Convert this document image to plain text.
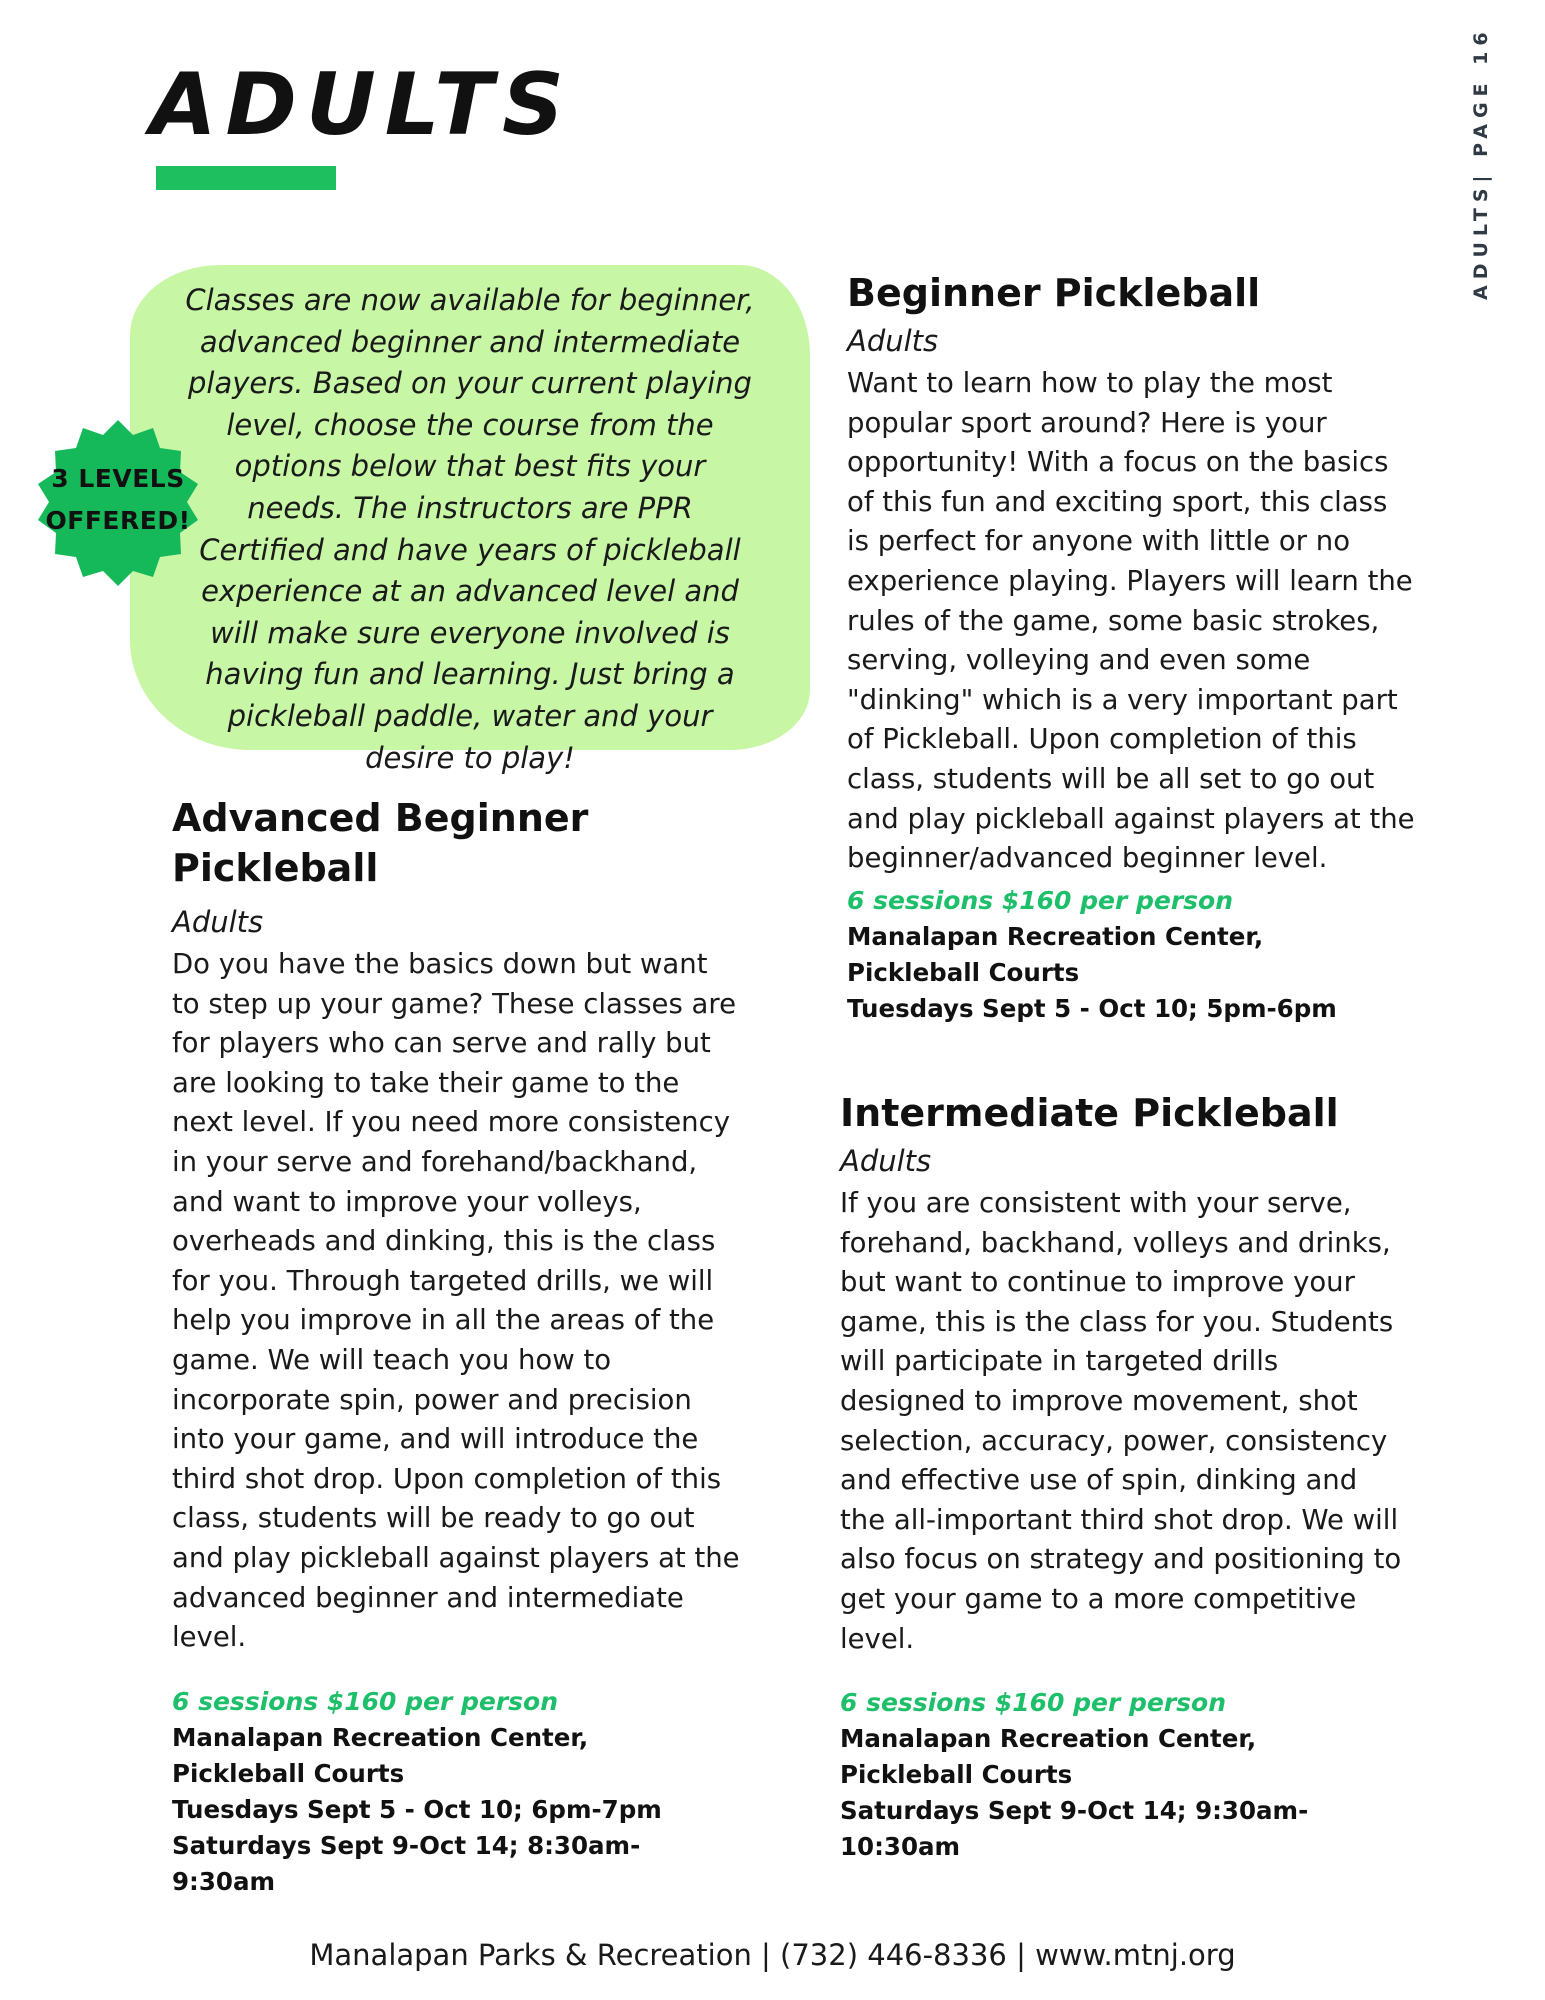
ADULTS	ADULTS| PAGE 16

Classes are now available for beginner, advanced beginner and intermediate players. Based on your current playing level, choose the course from the options below that best fits your needs. The instructors are PPR Certified and have years of pickleball experience at an advanced level and will make sure everyone involved is having fun and learning. Just bring a pickleball paddle, water and your desire to play!

3 LEVELS
OFFERED!
Beginner Pickleball
Adults

Want to learn how to play the most popular sport around? Here is your opportunity! With a focus on the basics of this fun and exciting sport, this class is perfect for anyone with little or no experience playing. Players will learn the rules of the game, some basic strokes, serving, volleying and even some "dinking" which is a very important part of Pickleball. Upon completion of this class, students will be all set to go out and play pickleball against players at the beginner/advanced beginner level.

6 sessions $160 per person

Manalapan Recreation Center,

Pickleball Courts

Tuesdays Sept 5 - Oct 10; 5pm-6pm

Advanced Beginner Pickleball
Adults

Do you have the basics down but want to step up your game? These classes are for players who can serve and rally but are looking to take their game to the next level. If you need more consistency in your serve and forehand/backhand, and want to improve your volleys, overheads and dinking, this is the class for you. Through targeted drills, we will help you improve in all the areas of the game. We will teach you how to incorporate spin, power and precision into your game, and will introduce the third shot drop. Upon completion of this class, students will be ready to go out and play pickleball against players at the advanced beginner and intermediate level.

6 sessions $160 per person

Manalapan Recreation Center,

Pickleball Courts

Tuesdays Sept 5 - Oct 10; 6pm-7pm

Saturdays Sept 9-Oct 14; 8:30am-9:30am

Intermediate Pickleball
Adults

If you are consistent with your serve, forehand, backhand, volleys and drinks, but want to continue to improve your game, this is the class for you. Students will participate in targeted drills designed to improve movement, shot selection, accuracy, power, consistency and effective use of spin, dinking and the all-important third shot drop. We will also focus on strategy and positioning to get your game to a more competitive level.

6 sessions $160 per person

Manalapan Recreation Center,

Pickleball Courts

Saturdays Sept 9-Oct 14; 9:30am-10:30am

Manalapan Parks & Recreation | (732) 446-8336 | www.mtnj.org
